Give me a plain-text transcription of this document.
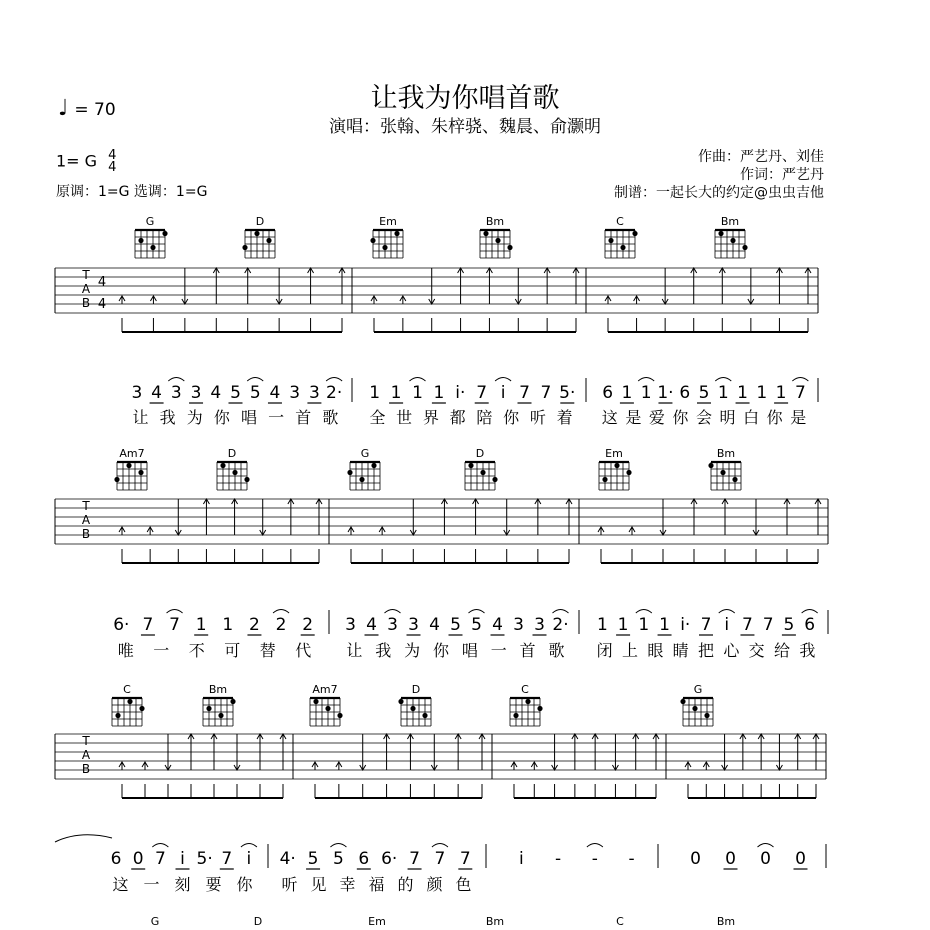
♩ = 70	让我为你唱首歌
演唱：张翰、朱梓骁、魏晨、俞灏明
1= G 4
4
原调：1=G 选调：1=G
作曲：严艺丹、刘佳
作词：严艺丹
制谱：一起长大的约定@虫虫吉他
G	D	Em	Bm	C	Bm
Am7	D	G	D	Em	Bm
C	Bm	Am7	D	C	G
G	D	Em	Bm	C	Bm
T
A
B
4
4
T
A
B
T
A
B
3 4 3 3 4 5 5 4 3 3 2·
让 我 为 你 唱 一 首 歌
1 1 1 1 i· 7 i 7 7 5·
全 世 界 都 陪 你 听 着
6 1 1 1· 6 5 1 1 1 1 7
这 是 爱 你 会 明 白 你 是
6· 7 7 1 1 2 2 2
唯 一 不 可 替 代
3 4 3 3 4 5 5 4 3 3 2·
让 我 为 你 唱 一 首 歌
1 1 1 1 i· 7 i 7 7 5 6
闭 上 眼 睛 把 心 交 给 我
6 0 7 i 5· 7 i
这 一 刻 要 你
4· 5 5 6 6· 7 7 7
听 见 幸 福 的 颜 色
i - - -	0 0 0 0
